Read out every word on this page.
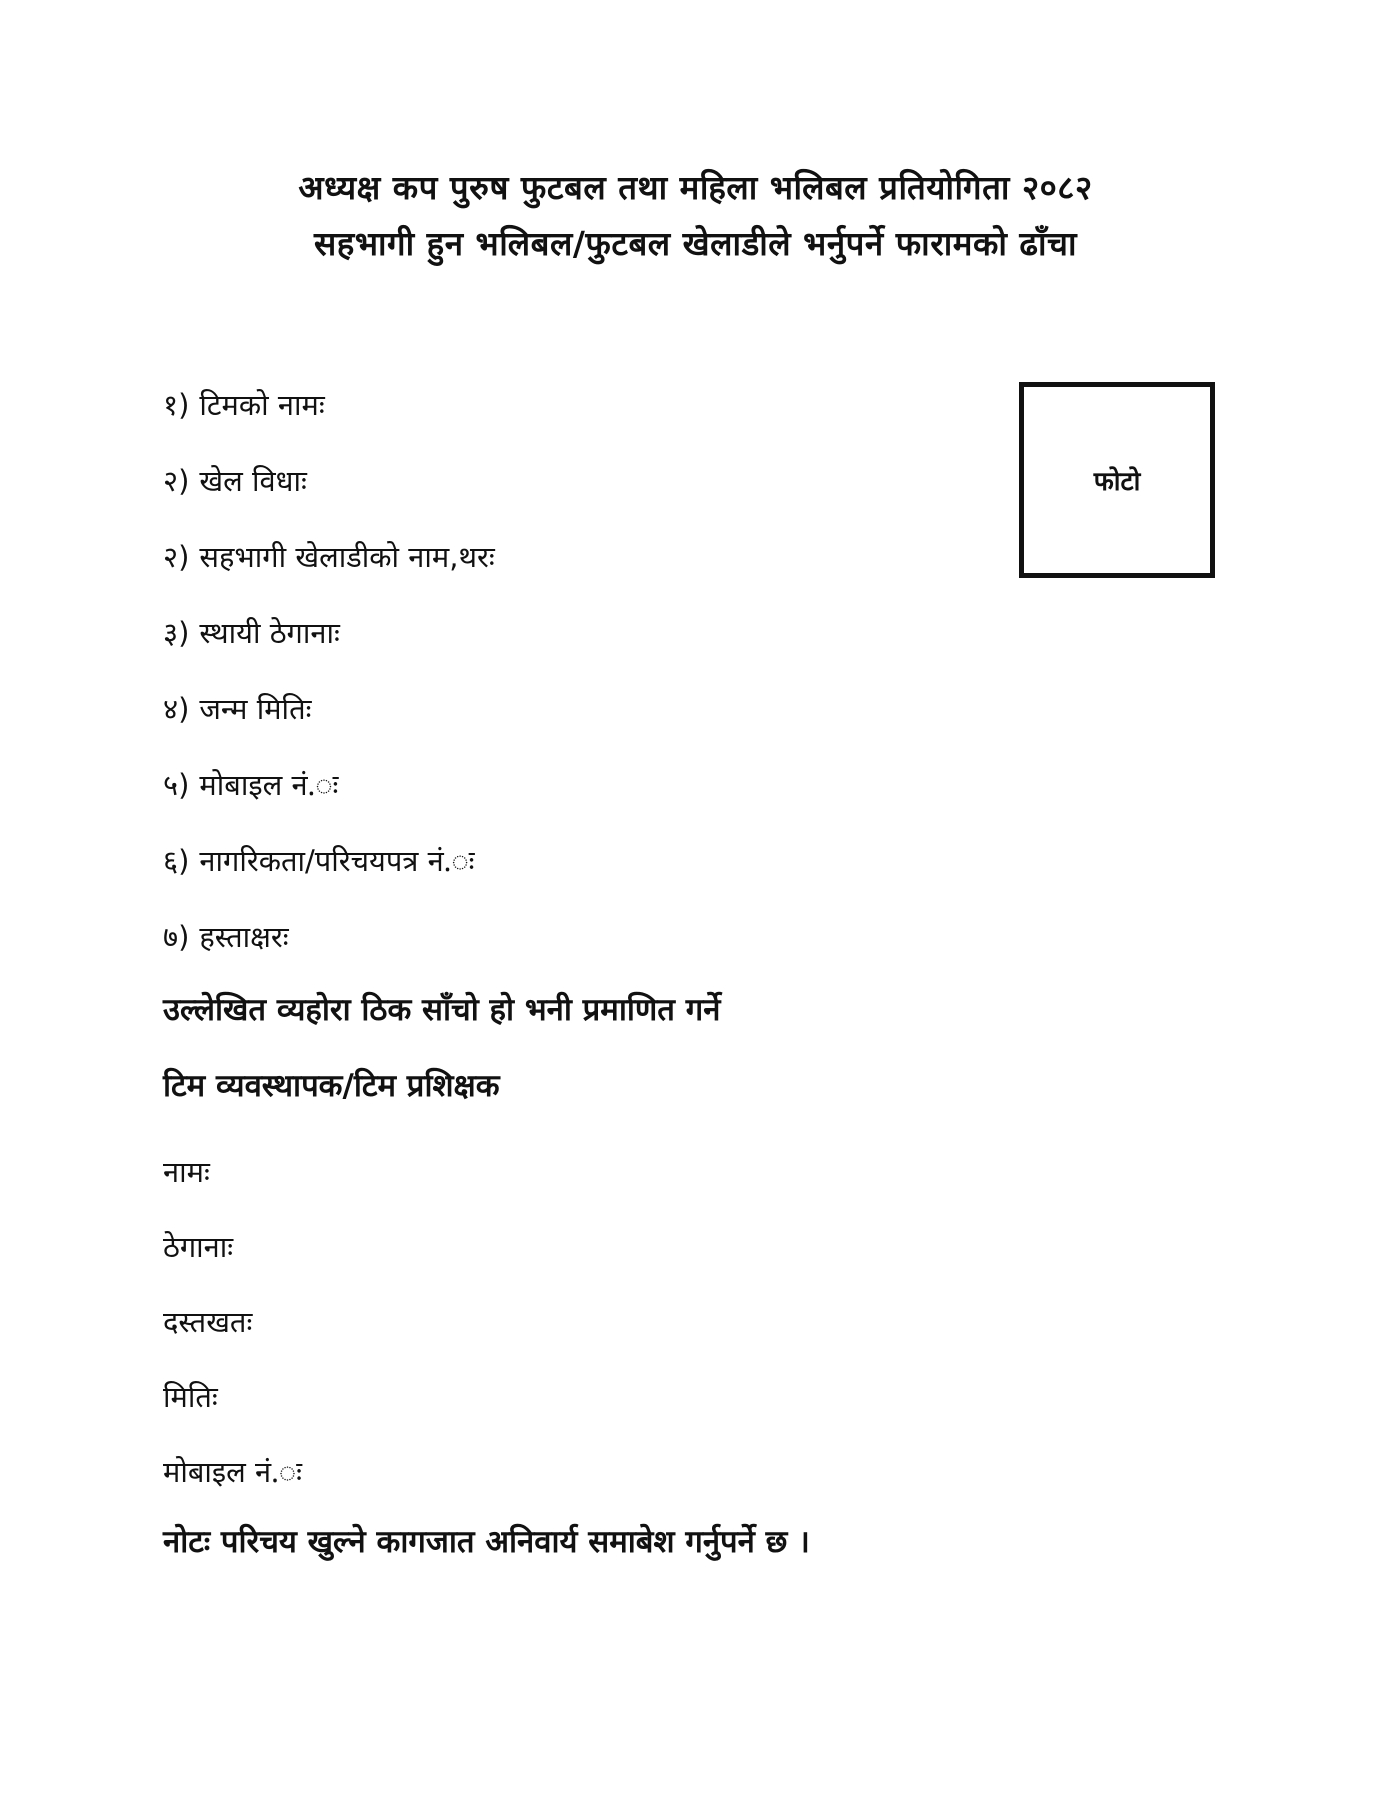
अध्यक्ष कप पुरुष फुटबल तथा महिला भलिबल प्रतियोगिता २०८२
सहभागी हुन भलिबल/फुटबल खेलाडीले भर्नुपर्ने फारामको ढाँचा
फोटो
१) टिमको नामः
२) खेल विधाः
२) सहभागी खेलाडीको नाम,थरः
३) स्थायी ठेगानाः
४) जन्म मितिः
५) मोबाइल नं.ः
६) नागरिकता/परिचयपत्र नं.ः
७) हस्ताक्षरः
उल्लेखित व्यहोरा ठिक साँचो हो भनी प्रमाणित गर्ने
टिम व्यवस्थापक/टिम प्रशिक्षक
नामः
ठेगानाः
दस्तखतः
मितिः
मोबाइल नं.ः
नोटः परिचय खुल्ने कागजात अनिवार्य समाबेश गर्नुपर्ने छ ।
